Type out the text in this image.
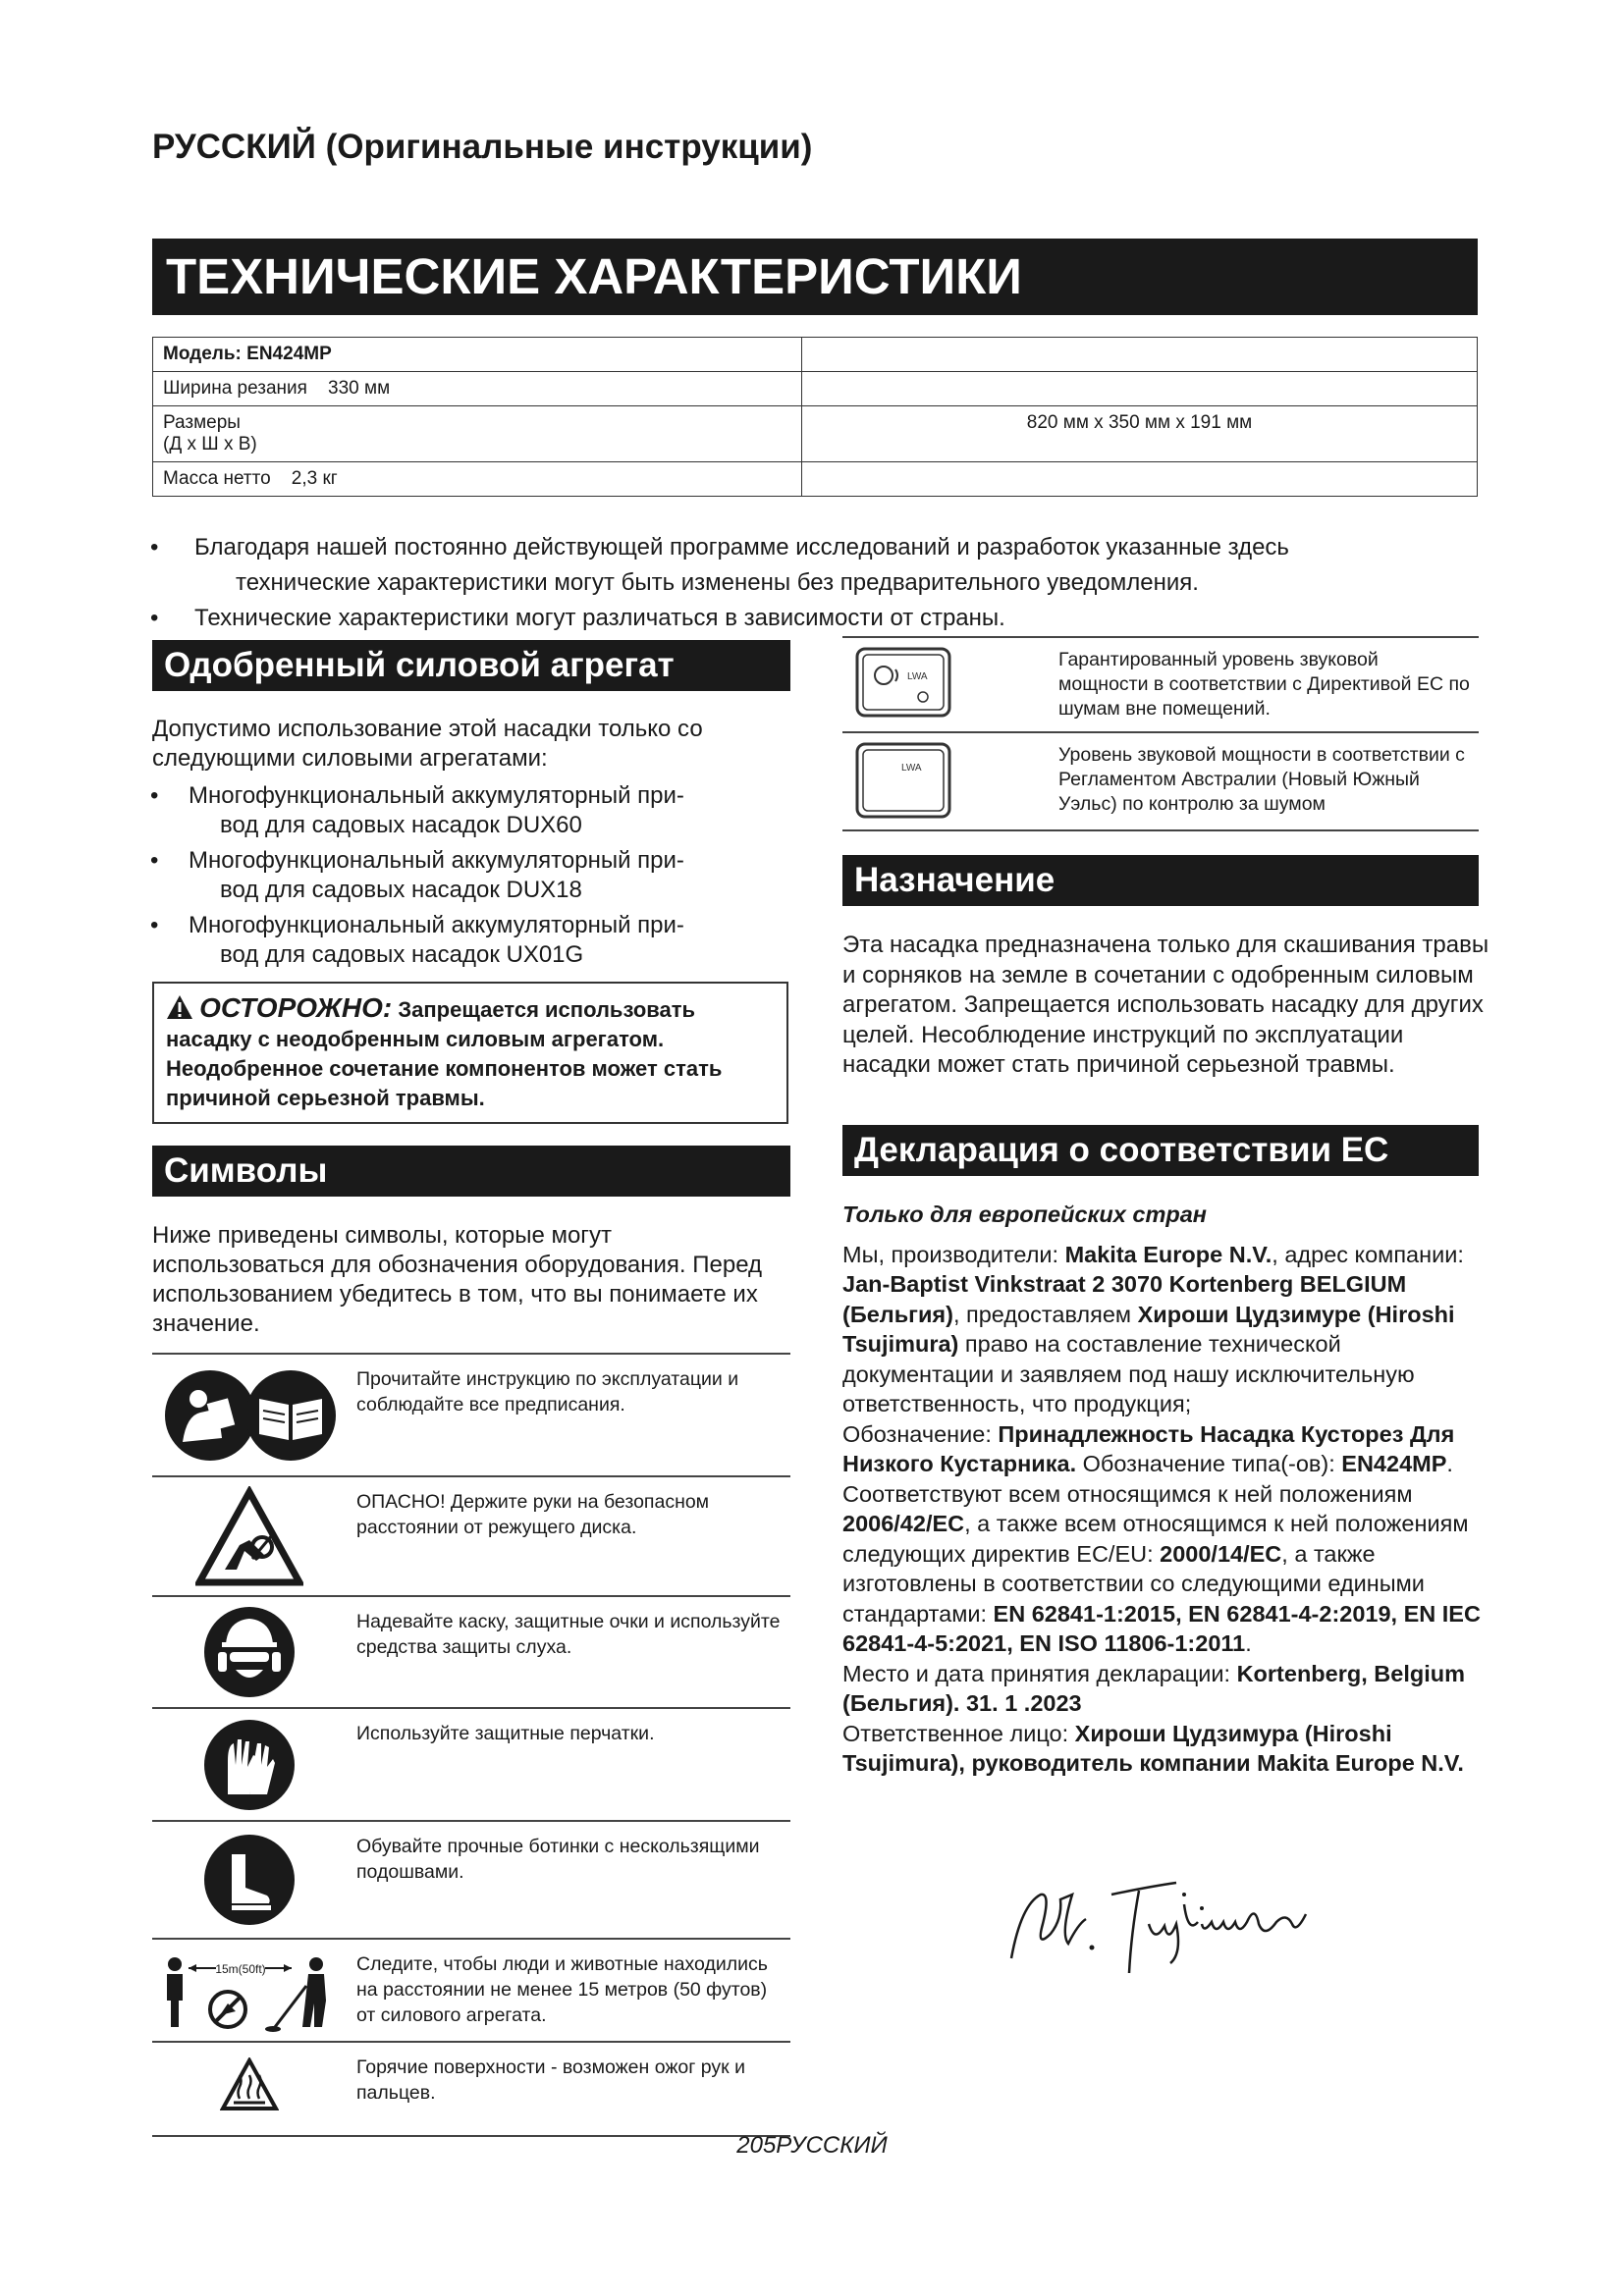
РУССКИЙ (Оригинальные инструкции)
ТЕХНИЧЕСКИЕ ХАРАКТЕРИСТИКИ
Модель: EN424MP	
Ширина резания    330 мм	

Размеры
(Д x Ш x В)	820 мм x 350 мм x 191 мм
Масса нетто    2,3 кг	
• Благодаря нашей постоянно действующей программе исследований и разработок указанные здесь
технические характеристики могут быть изменены без предварительного уведомления.
• Технические характеристики могут различаться в зависимости от страны.
Одобренный силовой агрегат
Допустимо использование этой насадки только со следующими силовыми агрегатами:
• Многофункциональный аккумуляторный при-
вод для садовых насадок DUX60
• Многофункциональный аккумуляторный при-
вод для садовых насадок DUX18
• Многофункциональный аккумуляторный при-
вод для садовых насадок UX01G
ОСТОРОЖНО: Запрещается использовать
насадку с неодобренным силовым агрегатом. Неодобренное сочетание компонентов может стать причиной серьезной травмы.
Символы
Ниже приведены символы, которые могут использоваться для обозначения оборудования. Перед использованием убедитесь в том, что вы понимаете их значение.
	Прочитайте инструкцию по эксплуатации и соблюдайте все предписания.
	ОПАСНО! Держите руки на безопасном расстоянии от режущего диска.
	Надевайте каску, защитные очки и используйте средства защиты слуха.
	Используйте защитные перчатки.
	Обувайте прочные ботинки с нескользящими подошвами.

15m(50ft)	Следите, чтобы люди и животные находились на расстоянии не менее 15 метров (50 футов) от силового агрегата.
	Горячие поверхности - возможен ожог рук и пальцев.
LWA	Гарантированный уровень звуковой мощности в соответствии с Директивой ЕС по шумам вне помещений.

LWA	Уровень звуковой мощности в соответствии с Регламентом Австралии (Новый Южный Уэльс) по контролю за шумом
Назначение
Эта насадка предназначена только для скашивания травы и сорняков на земле в сочетании с одобренным силовым агрегатом. Запрещается использовать насадку для других целей. Несоблюдение инструкций по эксплуатации насадки может стать причиной серьезной травмы.
Декларация о соответствии ЕС
Только для европейских стран
Мы, производители: Makita Europe N.V., адрес компании: Jan-Baptist Vinkstraat 2 3070 Kortenberg BELGIUM (Бельгия), предоставляем Хироши Цудзимуре (Hiroshi Tsujimura) право на составление технической документации и заявляем под нашу исключительную ответственность, что продукция;
Обозначение: Принадлежность Насадка Кусторез Для Низкого Кустарника. Обозначение типа(-ов): EN424MP.
Соответствуют всем относящимся к ней положениям 2006/42/EC, а также всем относящимся к ней положениям следующих директив ЕС/EU: 2000/14/EC, а также изготовлены в соответствии со следующими едиными стандартами: EN 62841-1:2015, EN 62841-4-2:2019, EN IEC 62841-4-5:2021, EN ISO 11806-1:2011.
Место и дата принятия декларации: Kortenberg, Belgium (Бельгия). 31. 1 .2023
Ответственное лицо: Хироши Цудзимура (Hiroshi Tsujimura), руководитель компании Makita Europe N.V.
205РУССКИЙ
